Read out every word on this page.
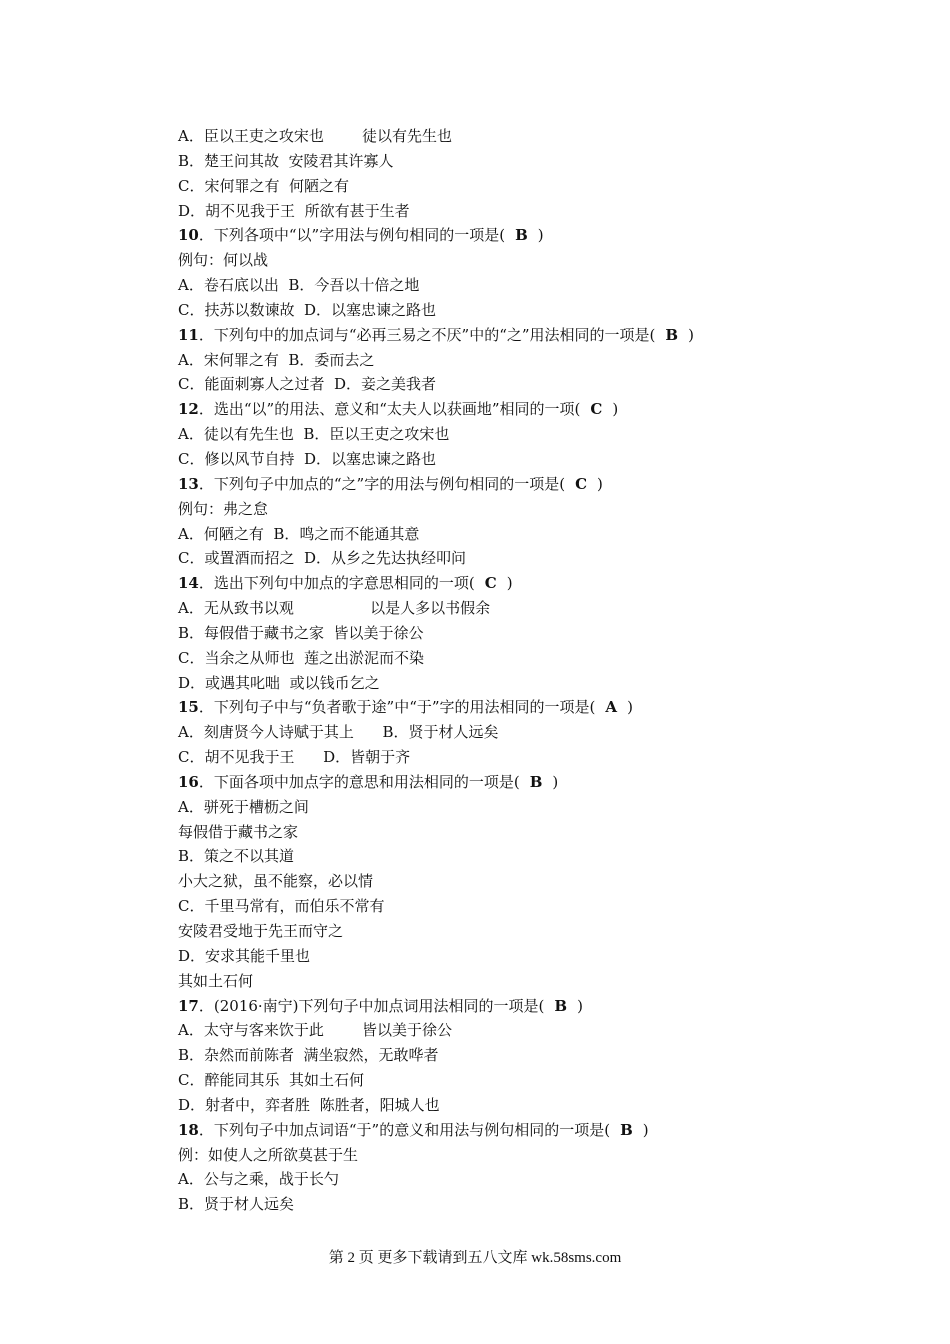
A．臣以王吏之攻宋也        徒以有先生也
B．楚王问其故  安陵君其许寡人
C．宋何罪之有  何陋之有
D．胡不见我于王  所欲有甚于生者
10．下列各项中“以”字用法与例句相同的一项是(  B  )
例句：何以战
A．卷石底以出  B．今吾以十倍之地
C．扶苏以数谏故  D．以塞忠谏之路也
11．下列句中的加点词与“必再三易之不厌”中的“之”用法相同的一项是(  B  )
A．宋何罪之有  B．委而去之
C．能面刺寡人之过者  D．妾之美我者
12．选出“以”的用法、意义和“太夫人以获画地”相同的一项(  C  )
A．徒以有先生也  B．臣以王吏之攻宋也
C．修以风节自持  D．以塞忠谏之路也
13．下列句子中加点的“之”字的用法与例句相同的一项是(  C  )
例句：弗之怠
A．何陋之有  B．鸣之而不能通其意
C．或置酒而招之  D．从乡之先达执经叩问
14．选出下列句中加点的字意思相同的一项(  C  )
A．无从致书以观                以是人多以书假余
B．每假借于藏书之家  皆以美于徐公
C．当余之从师也  莲之出淤泥而不染
D．或遇其叱咄  或以钱币乞之
15．下列句子中与“负者歌于途”中“于”字的用法相同的一项是(  A  )
A．刻唐贤今人诗赋于其上      B．贤于材人远矣
C．胡不见我于王      D．皆朝于齐
16．下面各项中加点字的意思和用法相同的一项是(  B  )
A．骈死于槽枥之间
每假借于藏书之家
B．策之不以其道
小大之狱，虽不能察，必以情
C．千里马常有，而伯乐不常有
安陵君受地于先王而守之
D．安求其能千里也
其如土石何
17．(2016·南宁)下列句子中加点词用法相同的一项是(  B  )
A．太守与客来饮于此        皆以美于徐公
B．杂然而前陈者  满坐寂然，无敢哗者
C．醉能同其乐  其如土石何
D．射者中，弈者胜  陈胜者，阳城人也
18．下列句子中加点词语“于”的意义和用法与例句相同的一项是(  B  )
例：如使人之所欲莫甚于生
A．公与之乘，战于长勺
B．贤于材人远矣
第 2 页 更多下载请到五八文库 wk.58sms.com
